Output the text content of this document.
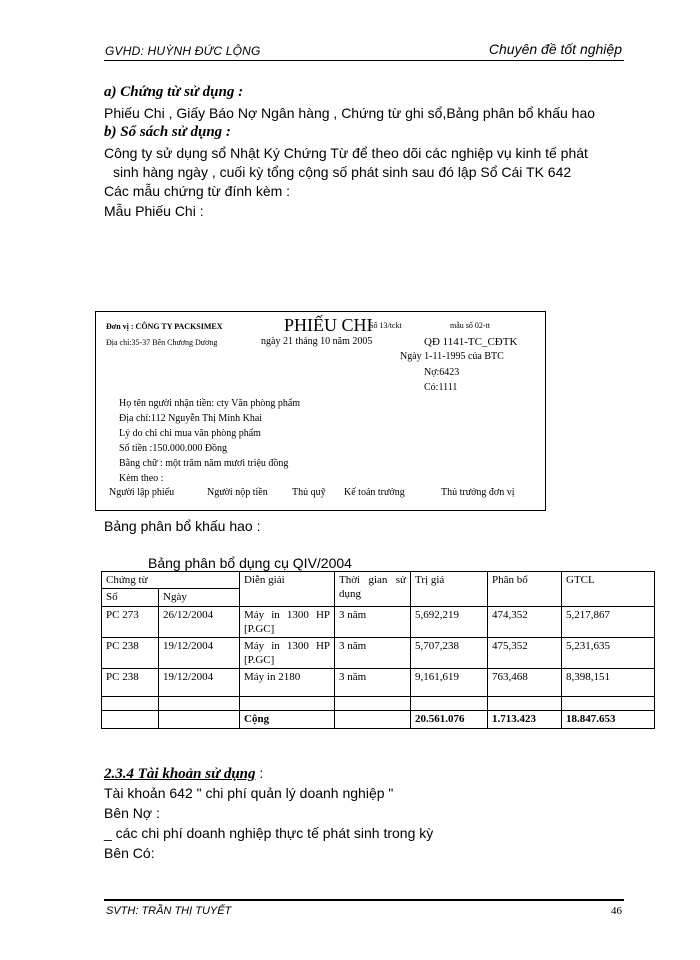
GVHD: HUỲNH ĐỨC LỘNG	Chuyên đề tốt nghiệp
a) Chứng từ sử dụng :
Phiếu Chi , Giấy Báo Nợ Ngân hàng , Chứng từ ghi sổ,Bảng phân bổ khấu hao
b) Sổ sách sử dụng :
Công ty sử dụng sổ Nhật Ký Chứng Từ để theo dõi các nghiệp vụ kinh tế phát
sinh hàng ngày , cuối kỳ tổng cộng số phát sinh sau đó lập Sổ Cái TK 642
Các mẫu chứng từ đính kèm :
Mẫu Phiếu Chi :
Đơn vị : CÔNG TY PACKSIMEX
Địa chỉ:35-37 Bến Chương Dương
PHIẾU CHI
Số 13/tckt	mẫu số 02-tt
ngày 21 tháng 10 năm 2005	QĐ 1141-TC_CĐTK
Ngày 1-11-1995 của BTC
Nợ:6423
Có:1111
Họ tên người nhận tiền: cty Văn phòng phẩm
Địa chỉ:112 Nguyễn Thị Minh Khai
Lý do chi chi mua văn phòng phẩm
Số tiền :150.000.000 Đồng
Bằng chữ : một trăm năm mươi triệu đồng
Kèm theo :
Người lập phiếu	Người nộp tiền Thủ quỹ Kế toán trưởng	Thủ trưởng đơn vị
Bảng phân bổ khấu hao :
Bảng phân bổ dụng cụ QIV/2004
Chứng từ		Diễn giải	Thời gian sử dụng	Trị giá	Phân bổ	GTCL
Số	Ngày					
PC 273	26/12/2004	Máy in 1300 HP [P.GC]	3 năm	5,692,219	474,352	5,217,867
PC 238	19/12/2004	Máy in 1300 HP [P.GC]	3 năm	5,707,238	475,352	5,231,635
PC 238	19/12/2004	Máy in 2180	3 năm	9,161,619	763,468	8,398,151

		Cộng		20.561.076	1.713.423	18.847.653
2.3.4 Tài khoản sử dụng :
Tài khoản 642 " chi phí quản lý doanh nghiệp "
Bên Nợ :
_ các chi phí doanh nghiệp thực tế phát sinh trong kỳ
Bên Có:
SVTH: TRẦN THỊ TUYẾT	46
